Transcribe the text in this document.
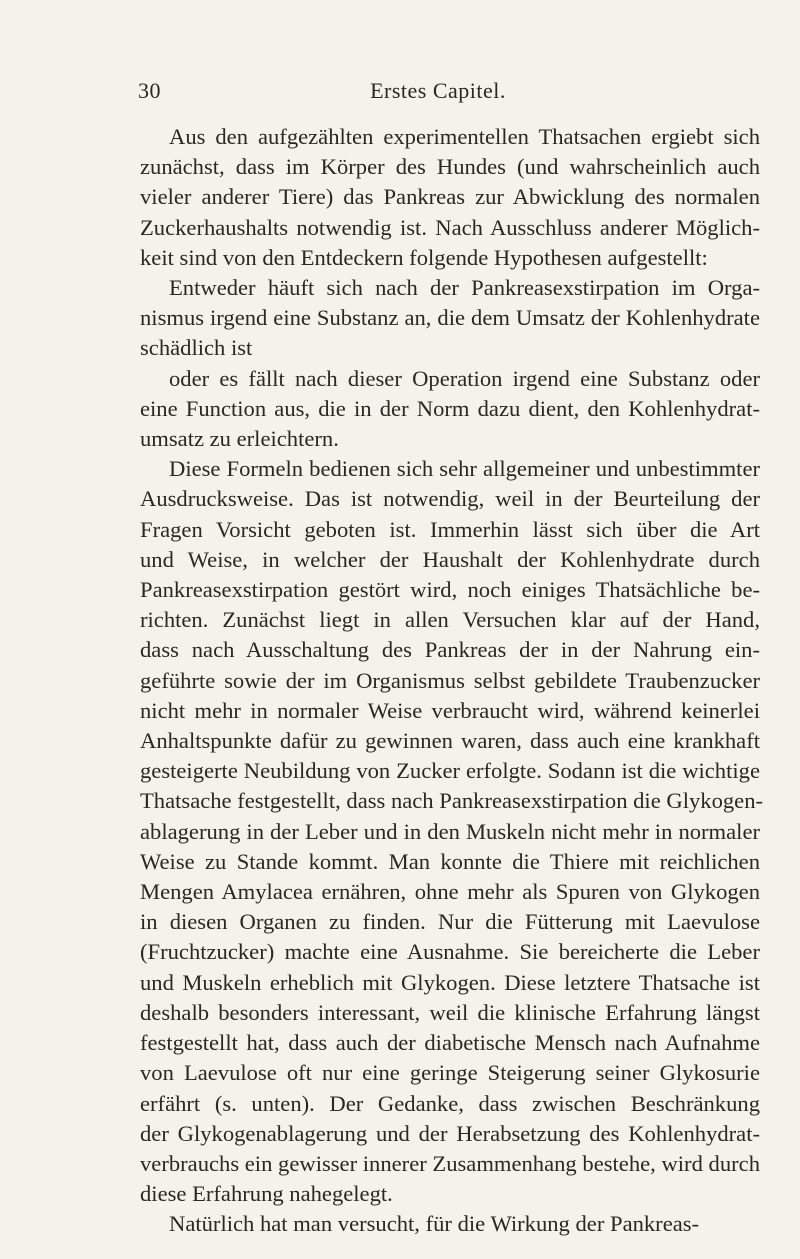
30	Erstes Capitel.
Aus den aufgezählten experimentellen Thatsachen ergiebt sich
zunächst, dass im Körper des Hundes (und wahrscheinlich auch
vieler anderer Tiere) das Pankreas zur Abwicklung des normalen
Zuckerhaushalts notwendig ist. Nach Ausschluss anderer Möglich-
keit sind von den Entdeckern folgende Hypothesen aufgestellt:
Entweder häuft sich nach der Pankreasexstirpation im Orga-
nismus irgend eine Substanz an, die dem Umsatz der Kohlenhydrate
schädlich ist
oder es fällt nach dieser Operation irgend eine Substanz oder
eine Function aus, die in der Norm dazu dient, den Kohlenhydrat-
umsatz zu erleichtern.
Diese Formeln bedienen sich sehr allgemeiner und unbestimmter
Ausdrucksweise. Das ist notwendig, weil in der Beurteilung der
Fragen Vorsicht geboten ist. Immerhin lässt sich über die Art
und Weise, in welcher der Haushalt der Kohlenhydrate durch
Pankreasexstirpation gestört wird, noch einiges Thatsächliche be-
richten. Zunächst liegt in allen Versuchen klar auf der Hand,
dass nach Ausschaltung des Pankreas der in der Nahrung ein-
geführte sowie der im Organismus selbst gebildete Traubenzucker
nicht mehr in normaler Weise verbraucht wird, während keinerlei
Anhaltspunkte dafür zu gewinnen waren, dass auch eine krankhaft
gesteigerte Neubildung von Zucker erfolgte. Sodann ist die wichtige
Thatsache festgestellt, dass nach Pankreasexstirpation die Glykogen-
ablagerung in der Leber und in den Muskeln nicht mehr in normaler
Weise zu Stande kommt. Man konnte die Thiere mit reichlichen
Mengen Amylacea ernähren, ohne mehr als Spuren von Glykogen
in diesen Organen zu finden. Nur die Fütterung mit Laevulose
(Fruchtzucker) machte eine Ausnahme. Sie bereicherte die Leber
und Muskeln erheblich mit Glykogen. Diese letztere Thatsache ist
deshalb besonders interessant, weil die klinische Erfahrung längst
festgestellt hat, dass auch der diabetische Mensch nach Aufnahme
von Laevulose oft nur eine geringe Steigerung seiner Glykosurie
erfährt (s. unten). Der Gedanke, dass zwischen Beschränkung
der Glykogenablagerung und der Herabsetzung des Kohlenhydrat-
verbrauchs ein gewisser innerer Zusammenhang bestehe, wird durch
diese Erfahrung nahegelegt.
Natürlich hat man versucht, für die Wirkung der Pankreas-
